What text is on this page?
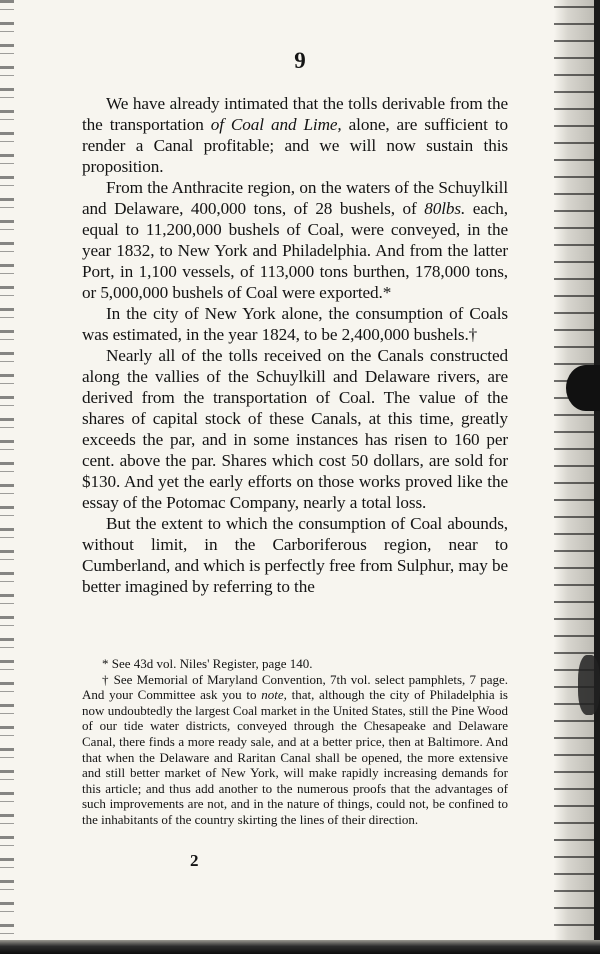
9

We have already intimated that the tolls derivable from the the transportation of Coal and Lime, alone, are sufficient to render a Canal profitable; and we will now sustain this proposition.

From the Anthracite region, on the waters of the Schuylkill and Delaware, 400,000 tons, of 28 bushels, of 80lbs. each, equal to 11,200,000 bushels of Coal, were conveyed, in the year 1832, to New York and Philadelphia. And from the latter Port, in 1,100 vessels, of 113,000 tons burthen, 178,000 tons, or 5,000,000 bushels of Coal were exported.*

In the city of New York alone, the consumption of Coals was estimated, in the year 1824, to be 2,400,000 bushels.†

Nearly all of the tolls received on the Canals constructed along the vallies of the Schuylkill and Delaware rivers, are derived from the transportation of Coal. The value of the shares of capital stock of these Canals, at this time, greatly exceeds the par, and in some instances has risen to 160 per cent. above the par. Shares which cost 50 dollars, are sold for $130. And yet the early efforts on those works proved like the essay of the Potomac Company, nearly a total loss.

But the extent to which the consumption of Coal abounds, without limit, in the Carboriferous region, near to Cumberland, and which is perfectly free from Sulphur, may be better imagined by referring to the

* See 43d vol. Niles' Register, page 140.

† See Memorial of Maryland Convention, 7th vol. select pamphlets, 7 page. And your Committee ask you to note, that, although the city of Philadelphia is now undoubtedly the largest Coal market in the United States, still the Pine Wood of our tide water districts, conveyed through the Chesapeake and Delaware Canal, there finds a more ready sale, and at a better price, then at Baltimore. And that when the Delaware and Raritan Canal shall be opened, the more extensive and still better market of New York, will make rapidly increasing demands for this article; and thus add another to the numerous proofs that the advantages of such improvements are not, and in the nature of things, could not, be confined to the inhabitants of the country skirting the lines of their direction.

2
